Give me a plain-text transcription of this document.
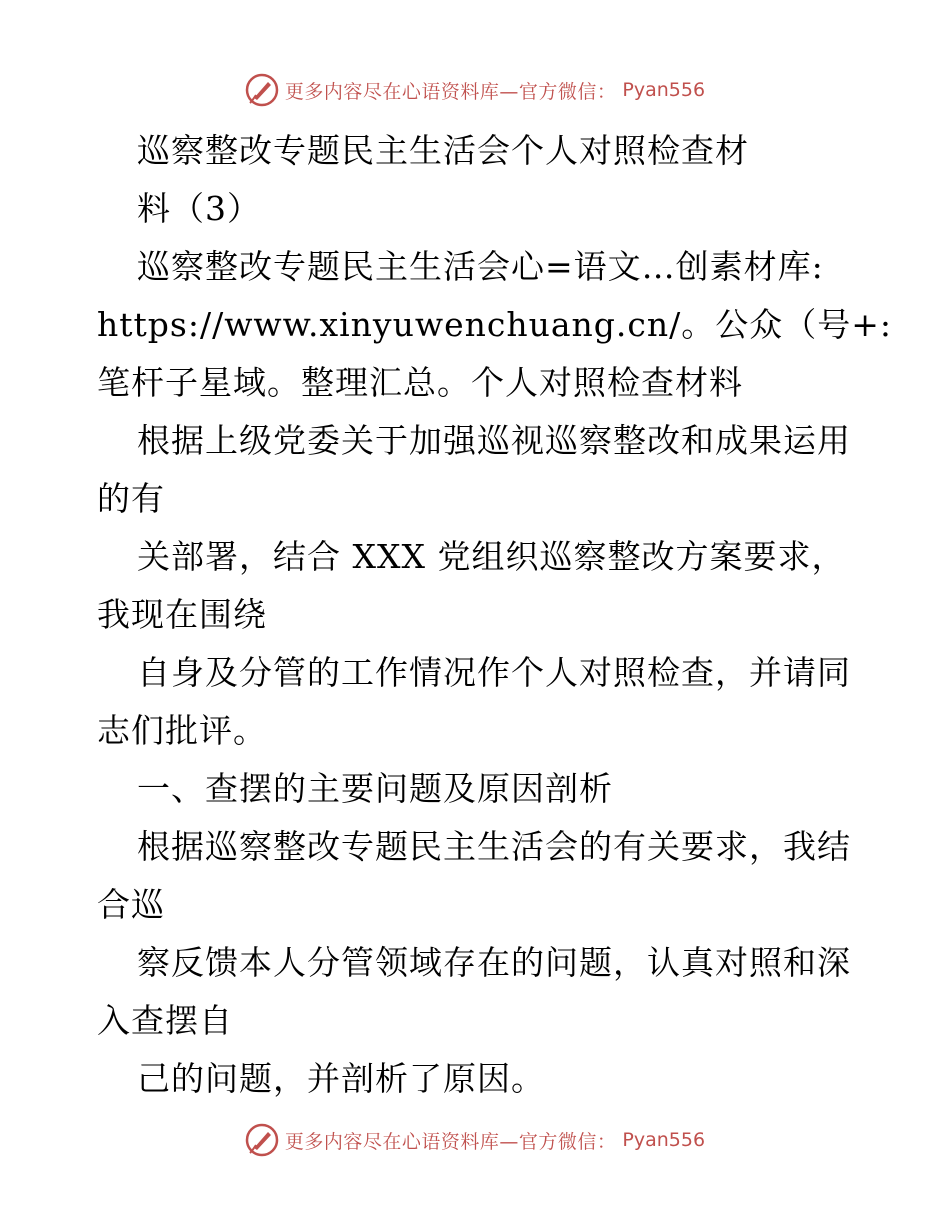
更多内容尽在心语资料库—官方微信： Pyan556
巡察整改专题民主生活会个人对照检查材
料（3）
巡察整改专题民主生活会心=语文…创素材库:
https://www.xinyuwenchuang.cn/。公众（号+:
笔杆子星域。整理汇总。个人对照检查材料
根据上级党委关于加强巡视巡察整改和成果运用
的有
关部署，结合 XXX 党组织巡察整改方案要求，
我现在围绕
自身及分管的工作情况作个人对照检查，并请同
志们批评。
一、查摆的主要问题及原因剖析
根据巡察整改专题民主生活会的有关要求，我结
合巡
察反馈本人分管领域存在的问题，认真对照和深
入查摆自
己的问题，并剖析了原因。
更多内容尽在心语资料库—官方微信： Pyan556
